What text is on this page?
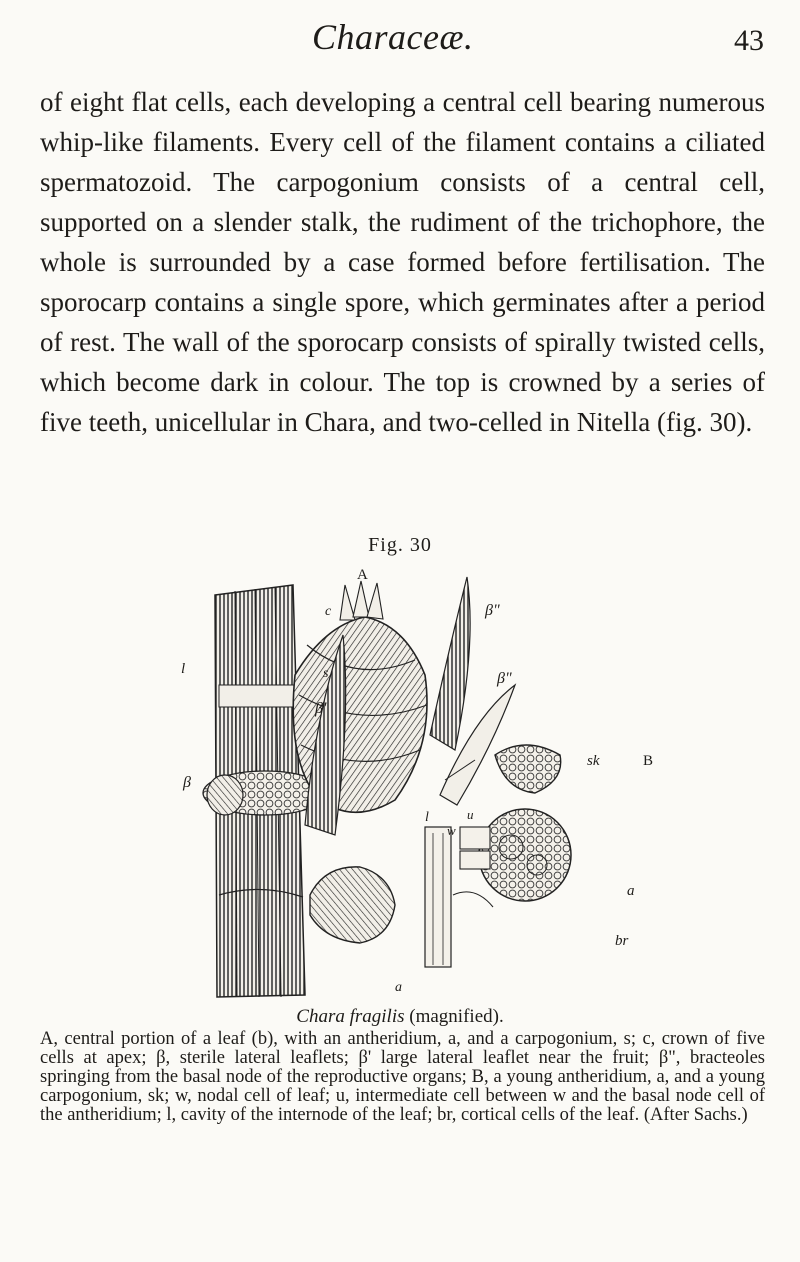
Characeæ.	43

of eight flat cells, each developing a central cell bearing numerous whip-like filaments. Every cell of the filament contains a ciliated spermatozoid. The carpogonium consists of a central cell, supported on a slender stalk, the rudiment of the trichophore, the whole is surrounded by a case formed before fertilisation. The sporocarp contains a single spore, which germinates after a period of rest. The wall of the sporocarp consists of spirally twisted cells, which become dark in colour. The top is crowned by a series of five teeth, unicellular in Chara, and two-celled in Nitella (fig. 30).

Fig. 30
A
B
c
s
l
l
β
β'
β"
β"
sk
u
w
a
br
a
Chara fragilis (magnified).

A, central portion of a leaf (b), with an antheridium, a, and a carpogonium, s; c, crown of five cells at apex; β, sterile lateral leaflets; β' large lateral leaflet near the fruit; β", bracteoles springing from the basal node of the reproductive organs; B, a young antheridium, a, and a young carpogonium, sk; w, nodal cell of leaf; u, intermediate cell between w and the basal node cell of the antheridium; l, cavity of the internode of the leaf; br, cortical cells of the leaf. (After Sachs.)
